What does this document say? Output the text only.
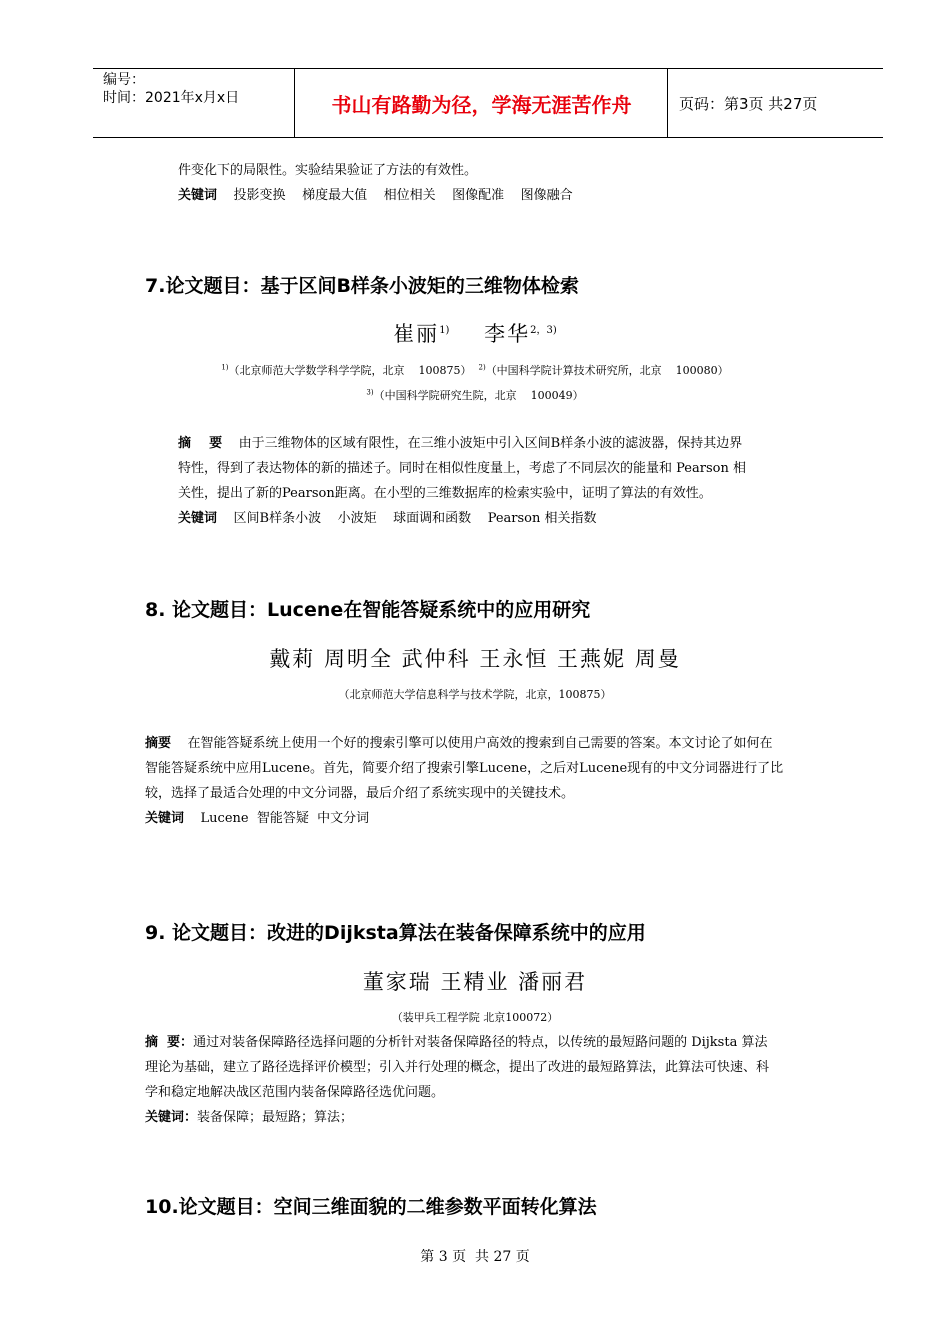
编号：
时间：2021年x月x日	书山有路勤为径，学海无涯苦作舟	页码：第3页 共27页
件变化下的局限性。实验结果验证了方法的有效性。
关键词 投影变换    梯度最大值    相位相关    图像配准    图像融合
7.论文题目：基于区间B样条小波矩的三维物体检索
崔丽$^{1)}$ 李华$^{2,3)}$
$^{1)}$（北京师范大学数学科学学院，北京    100875） $^{2)}$（中国科学院计算技术研究所，北京    100080）
$^{3)}$（中国科学院研究生院，北京    100049）
摘    要 由于三维物体的区域有限性，在三维小波矩中引入区间B样条小波的滤波器，保持其边界
特性，得到了表达物体的新的描述子。同时在相似性度量上，考虑了不同层次的能量和 Pearson 相
关性，提出了新的Pearson距离。在小型的三维数据库的检索实验中，证明了算法的有效性。
关键词 区间B样条小波    小波矩    球面调和函数    Pearson 相关指数
8. 论文题目：Lucene在智能答疑系统中的应用研究
戴莉 周明全 武仲科 王永恒 王燕妮 周曼
（北京师范大学信息科学与技术学院，北京，100875）
摘要 在智能答疑系统上使用一个好的搜索引擎可以使用户高效的搜索到自己需要的答案。本文讨论了如何在
智能答疑系统中应用Lucene。首先，简要介绍了搜索引擎Lucene，之后对Lucene现有的中文分词器进行了比
较，选择了最适合处理的中文分词器，最后介绍了系统实现中的关键技术。
关键词 Lucene  智能答疑  中文分词
9. 论文题目：改进的Dijksta算法在装备保障系统中的应用
董家瑞 王精业 潘丽君
（装甲兵工程学院 北京100072）
摘  要：通过对装备保障路径选择问题的分析针对装备保障路径的特点，以传统的最短路问题的 Dijksta 算法
理论为基础，建立了路径选择评价模型；引入并行处理的概念，提出了改进的最短路算法，此算法可快速、科
学和稳定地解决战区范围内装备保障路径选优问题。
关键词：装备保障；最短路；算法；
10.论文题目：空间三维面貌的二维参数平面转化算法
第 3 页  共 27 页
